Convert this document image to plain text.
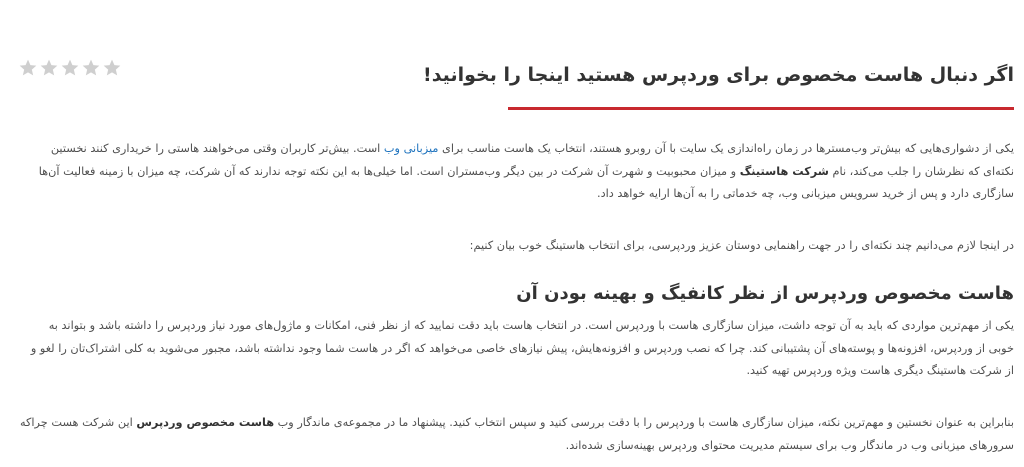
اگر دنبال هاست مخصوص برای وردپرس هستید اینجا را بخوانید!

یکی از دشواری‌هایی که بیش‌تر وب‌مسترها در زمان راه‌اندازی یک سایت با آن روبرو هستند، انتخاب یک هاست مناسب برای میزبانی وب است. بیش‌تر کاربران وقتی می‌خواهند هاستی را خریداری کنند نخستین نکته‌ای که نظرشان را جلب می‌کند، نام شرکت هاستینگ و میزان محبوبیت و شهرت آن شرکت در بین دیگر وب‌مستران است. اما خیلی‌ها به این نکته توجه ندارند که آن شرکت، چه میزان با زمینه فعالیت آن‌ها سازگاری دارد و پس از خرید سرویس میزبانی وب، چه خدماتی را به آن‌ها ارایه خواهد داد.

در اینجا لازم می‌دانیم چند نکته‌ای را در جهت راهنمایی دوستان عزیز وردپرسی، برای انتخاب هاستینگ خوب بیان کنیم:

هاست مخصوص وردپرس از نظر کانفیگ و بهینه بودن آن

یکی از مهم‌ترین مواردی که باید به آن توجه داشت، میزان سازگاری هاست با وردپرس است. در انتخاب هاست باید دقت نمایید که از نظر فنی، امکانات و ماژول‌های مورد نیاز وردپرس را داشته باشد و بتواند به خوبی از وردپرس، افزونه‌ها و پوسته‌های آن پشتیبانی کند. چرا که نصب وردپرس و افزونه‌هایش، پیش نیازهای خاصی می‌خواهد که اگر در هاست شما وجود نداشته باشد، مجبور می‌شوید به کلی اشتراک‌تان را لغو و از شرکت هاستینگ دیگری هاست ویژه وردپرس تهیه کنید.

بنابراین به عنوان نخستین و مهم‌ترین نکته، میزان سازگاری هاست با وردپرس را با دقت بررسی کنید و سپس انتخاب کنید. پیشنهاد ما در مجموعه‌ی ماندگار وب هاست مخصوص وردپرس این شرکت هست چراکه سرورهای میزبانی وب در ماندگار وب برای سیستم مدیریت محتوای وردپرس بهینه‌سازی شده‌اند.
